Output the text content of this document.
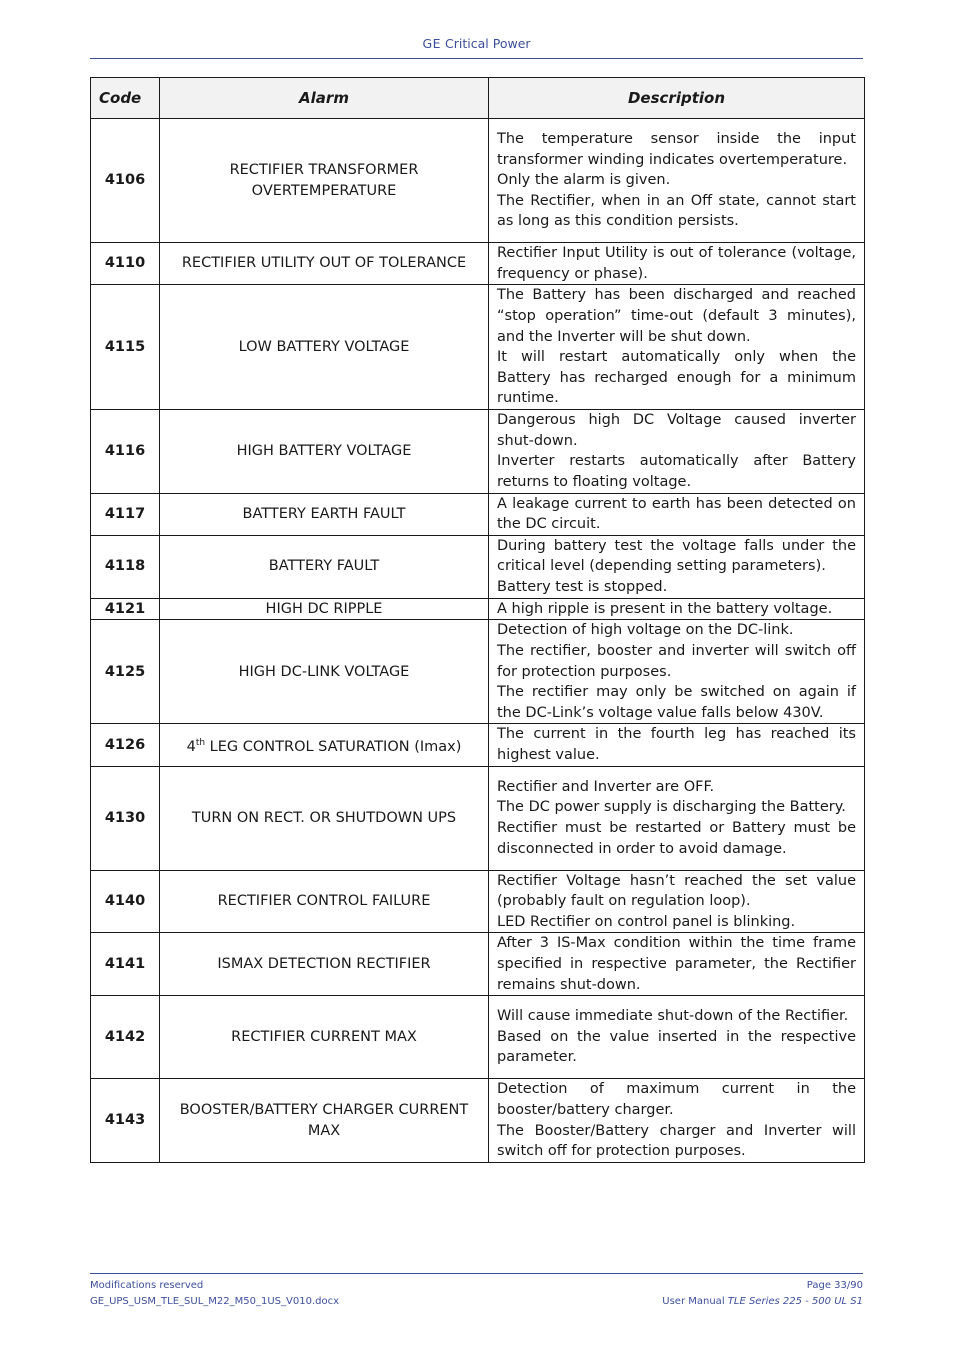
GE Critical Power
Code	Alarm	Description
4106	RECTIFIER TRANSFORMER OVERTEMPERATURE	The temperature sensor inside the input transformer winding indicates overtemperature.

Only the alarm is given.

The Rectifier, when in an Off state, cannot start as long as this condition persists.

4110	RECTIFIER UTILITY OUT OF TOLERANCE	Rectifier Input Utility is out of tolerance (voltage, frequency or phase).

4115	LOW BATTERY VOLTAGE	The Battery has been discharged and reached “stop operation” time-out (default 3 minutes), and the Inverter will be shut down.

It will restart automatically only when the Battery has recharged enough for a minimum runtime.

4116	HIGH BATTERY VOLTAGE	Dangerous high DC Voltage caused inverter shut-down.

Inverter restarts automatically after Battery returns to floating voltage.

4117	BATTERY EARTH FAULT	A leakage current to earth has been detected on the DC circuit.

4118	BATTERY FAULT	During battery test the voltage falls under the critical level (depending setting parameters).

Battery test is stopped.

4121	HIGH DC RIPPLE	A high ripple is present in the battery voltage.

4125	HIGH DC-LINK VOLTAGE	Detection of high voltage on the DC-link.

The rectifier, booster and inverter will switch off for protection purposes.

The rectifier may only be switched on again if the DC-Link’s voltage value falls below 430V.

4126	4th LEG CONTROL SATURATION (Imax)	The current in the fourth leg has reached its highest value.

4130	TURN ON RECT. OR SHUTDOWN UPS	Rectifier and Inverter are OFF.

The DC power supply is discharging the Battery.

Rectifier must be restarted or Battery must be disconnected in order to avoid damage.

4140	RECTIFIER CONTROL FAILURE	Rectifier Voltage hasn’t reached the set value (probably fault on regulation loop).

LED Rectifier on control panel is blinking.

4141	ISMAX DETECTION RECTIFIER	After 3 IS-Max condition within the time frame specified in respective parameter, the Rectifier remains shut-down.

4142	RECTIFIER CURRENT MAX	Will cause immediate shut-down of the Rectifier.

Based on the value inserted in the respective parameter.

4143	BOOSTER/BATTERY CHARGER CURRENT MAX	Detection of maximum current in the booster/battery charger.

The Booster/Battery charger and Inverter will switch off for protection purposes.

Modifications reserved	Page 33/90
GE_UPS_USM_TLE_SUL_M22_M50_1US_V010.docx	User Manual TLE Series 225 - 500 UL S1
